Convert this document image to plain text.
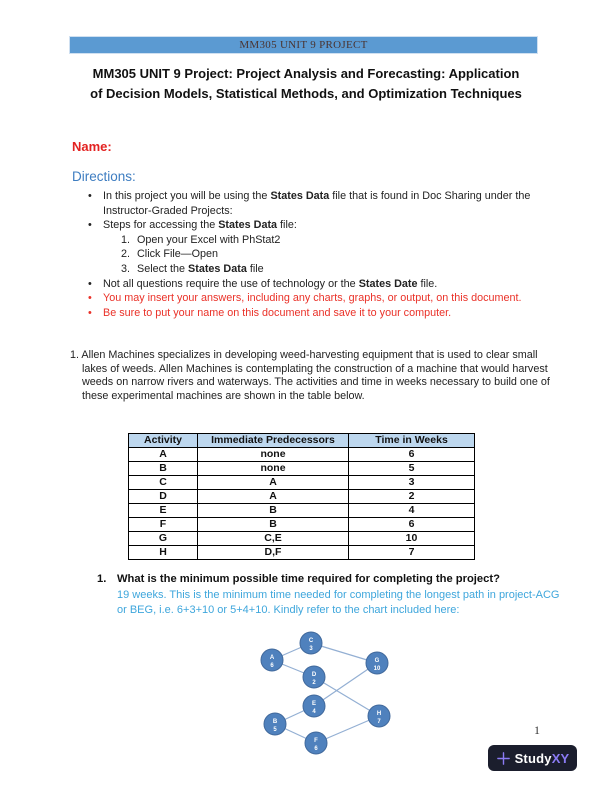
MM305 UNIT 9 PROJECT
MM305 UNIT 9 Project: Project Analysis and Forecasting: Application
of Decision Models, Statistical Methods, and Optimization Techniques
Name:
Directions:
•	In this project you will be using the States Data file that is found in Doc Sharing under the Instructor-Graded Projects:
•	Steps for accessing the States Data file:
1. Open your Excel with PhStat2
2. Click File—Open
3. Select the States Data file
•	Not all questions require the use of technology or the States Date file.
•	You may insert your answers, including any charts, graphs, or output, on this document.
•	Be sure to put your name on this document and save it to your computer.
1. Allen Machines specializes in developing weed-harvesting equipment that is used to clear small lakes of weeds. Allen Machines is contemplating the construction of a machine that would harvest weeds on narrow rivers and waterways. The activities and time in weeks necessary to build one of these experimental machines are shown in the table below.
Activity	Immediate Predecessors	Time in Weeks
A	none	6
B	none	5
C	A	3
D	A	2
E	B	4
F	B	6
G	C,E	10
H	D,F	7
1. What is the minimum possible time required for completing the project?
19 weeks. This is the minimum time needed for completing the longest path in project-ACG or BEG, i.e. 6+3+10 or 5+4+10. Kindly refer to the chart included here:
A
6
B
5
C
3
D
2
E
4
F
6
G
10
H
7
1
StudyXY
